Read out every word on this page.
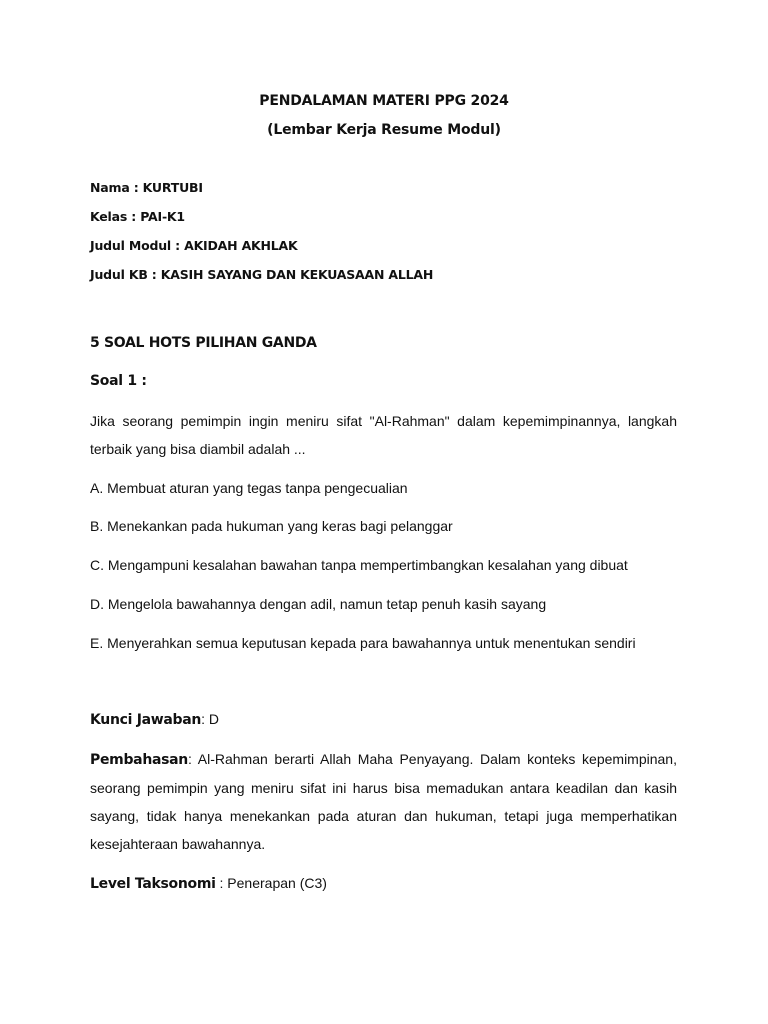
PENDALAMAN MATERI PPG 2024
(Lembar Kerja Resume Modul)
Nama : KURTUBI
Kelas : PAI-K1
Judul Modul : AKIDAH AKHLAK
Judul KB : KASIH SAYANG DAN KEKUASAAN ALLAH
5 SOAL HOTS PILIHAN GANDA
Soal 1 :
Jika seorang pemimpin ingin meniru sifat "Al-Rahman" dalam kepemimpinannya, langkah terbaik yang bisa diambil adalah ...
A. Membuat aturan yang tegas tanpa pengecualian
B. Menekankan pada hukuman yang keras bagi pelanggar
C. Mengampuni kesalahan bawahan tanpa mempertimbangkan kesalahan yang dibuat
D. Mengelola bawahannya dengan adil, namun tetap penuh kasih sayang
E. Menyerahkan semua keputusan kepada para bawahannya untuk menentukan sendiri
Kunci Jawaban: D
Pembahasan: Al-Rahman berarti Allah Maha Penyayang. Dalam konteks kepemimpinan, seorang pemimpin yang meniru sifat ini harus bisa memadukan antara keadilan dan kasih sayang, tidak hanya menekankan pada aturan dan hukuman, tetapi juga memperhatikan kesejahteraan bawahannya.
Level Taksonomi : Penerapan (C3)
